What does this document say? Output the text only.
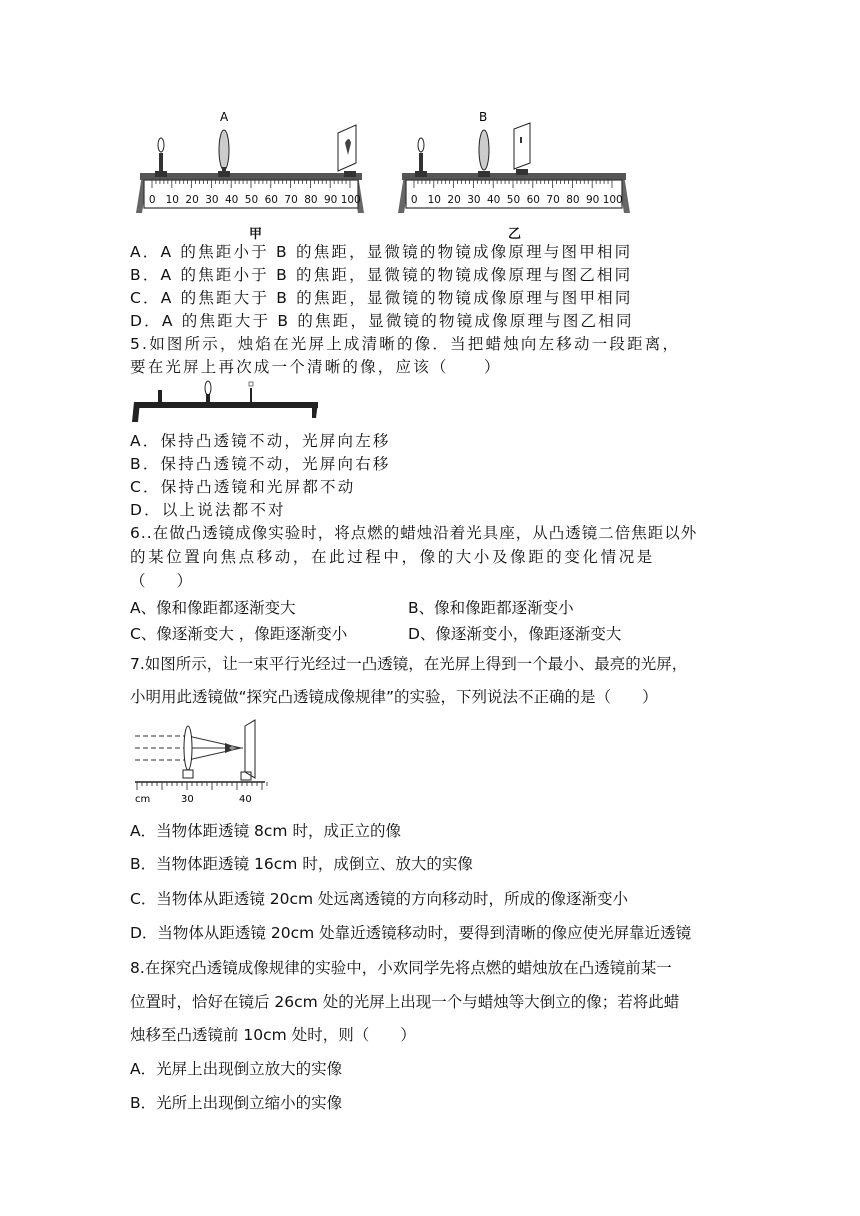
A	B
0 10 20 30 40 50 60 70 80 90 100	0 10 20 30 40 50 60 70 80 90 100
甲	乙
A．A 的焦距小于 B 的焦距，显微镜的物镜成像原理与图甲相同
B．A 的焦距小于 B 的焦距，显微镜的物镜成像原理与图乙相同
C．A 的焦距大于 B 的焦距，显微镜的物镜成像原理与图甲相同
D．A 的焦距大于 B 的焦距，显微镜的物镜成像原理与图乙相同
5.如图所示，烛焰在光屏上成清晰的像．当把蜡烛向左移动一段距离，
要在光屏上再次成一个清晰的像，应该（　　）
A．保持凸透镜不动，光屏向左移
B．保持凸透镜不动，光屏向右移
C．保持凸透镜和光屏都不动
D．以上说法都不对
6..在做凸透镜成像实验时，将点燃的蜡烛沿着光具座，从凸透镜二倍焦距以外
的某位置向焦点移动，在此过程中，像的大小及像距的变化情况是
（　　）
A、像和像距都逐渐变大	B、像和像距都逐渐变小
C、像逐渐变大 ，像距逐渐变小	D、像逐渐变小，像距逐渐变大
7.如图所示，让一束平行光经过一凸透镜，在光屏上得到一个最小、最亮的光屏，
小明用此透镜做“探究凸透镜成像规律”的实验，下列说法不正确的是（　　）
cm	30	40
A．当物体距透镜 8cm 时，成正立的像
B．当物体距透镜 16cm 时，成倒立、放大的实像
C．当物体从距透镜 20cm 处远离透镜的方向移动时，所成的像逐渐变小
D．当物体从距透镜 20cm 处靠近透镜移动时，要得到清晰的像应使光屏靠近透镜
8.在探究凸透镜成像规律的实验中，小欢同学先将点燃的蜡烛放在凸透镜前某一
位置时，恰好在镜后 26cm 处的光屏上出现一个与蜡烛等大倒立的像；若将此蜡
烛移至凸透镜前 10cm 处时，则（　　）
A．光屏上出现倒立放大的实像
B．光所上出现倒立缩小的实像
